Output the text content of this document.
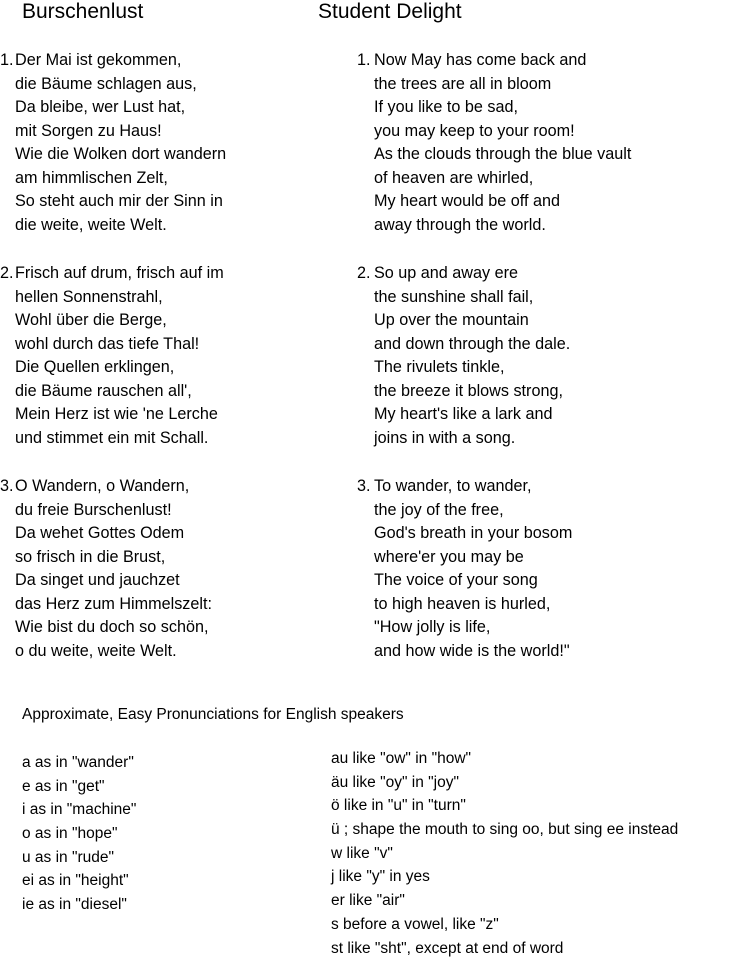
Burschenlust	Student Delight
1. Der Mai ist gekommen,
die Bäume schlagen aus,
Da bleibe, wer Lust hat,
mit Sorgen zu Haus!
Wie die Wolken dort wandern
am himmlischen Zelt,
So steht auch mir der Sinn in
die weite, weite Welt.
2. Frisch auf drum, frisch auf im
hellen Sonnenstrahl,
Wohl über die Berge,
wohl durch das tiefe Thal!
Die Quellen erklingen,
die Bäume rauschen all',
Mein Herz ist wie 'ne Lerche
und stimmet ein mit Schall.
3. O Wandern, o Wandern,
du freie Burschenlust!
Da wehet Gottes Odem
so frisch in die Brust,
Da singet und jauchzet
das Herz zum Himmelszelt:
Wie bist du doch so schön,
o du weite, weite Welt.
1. Now May has come back and
the trees are all in bloom
If you like to be sad,
you may keep to your room!
As the clouds through the blue vault
of heaven are whirled,
My heart would be off and
away through the world.
2. So up and away ere
the sunshine shall fail,
Up over the mountain
and down through the dale.
The rivulets tinkle,
the breeze it blows strong,
My heart's like a lark and
joins in with a song.
3. To wander, to wander,
the joy of the free,
God's breath in your bosom
where'er you may be
The voice of your song
to high heaven is hurled,
"How jolly is life,
and how wide is the world!"
Approximate, Easy Pronunciations for English speakers
a as in "wander"
e as in "get"
i as in "machine"
o as in "hope"
u as in "rude"
ei as in "height"
ie as in "diesel"
au like "ow" in "how"
äu like "oy" in "joy"
ö like in "u" in "turn"
ü ; shape the mouth to sing oo, but sing ee instead
w like "v"
j like "y" in yes
er like "air"
s before a vowel, like "z"
st like "sht", except at end of word
